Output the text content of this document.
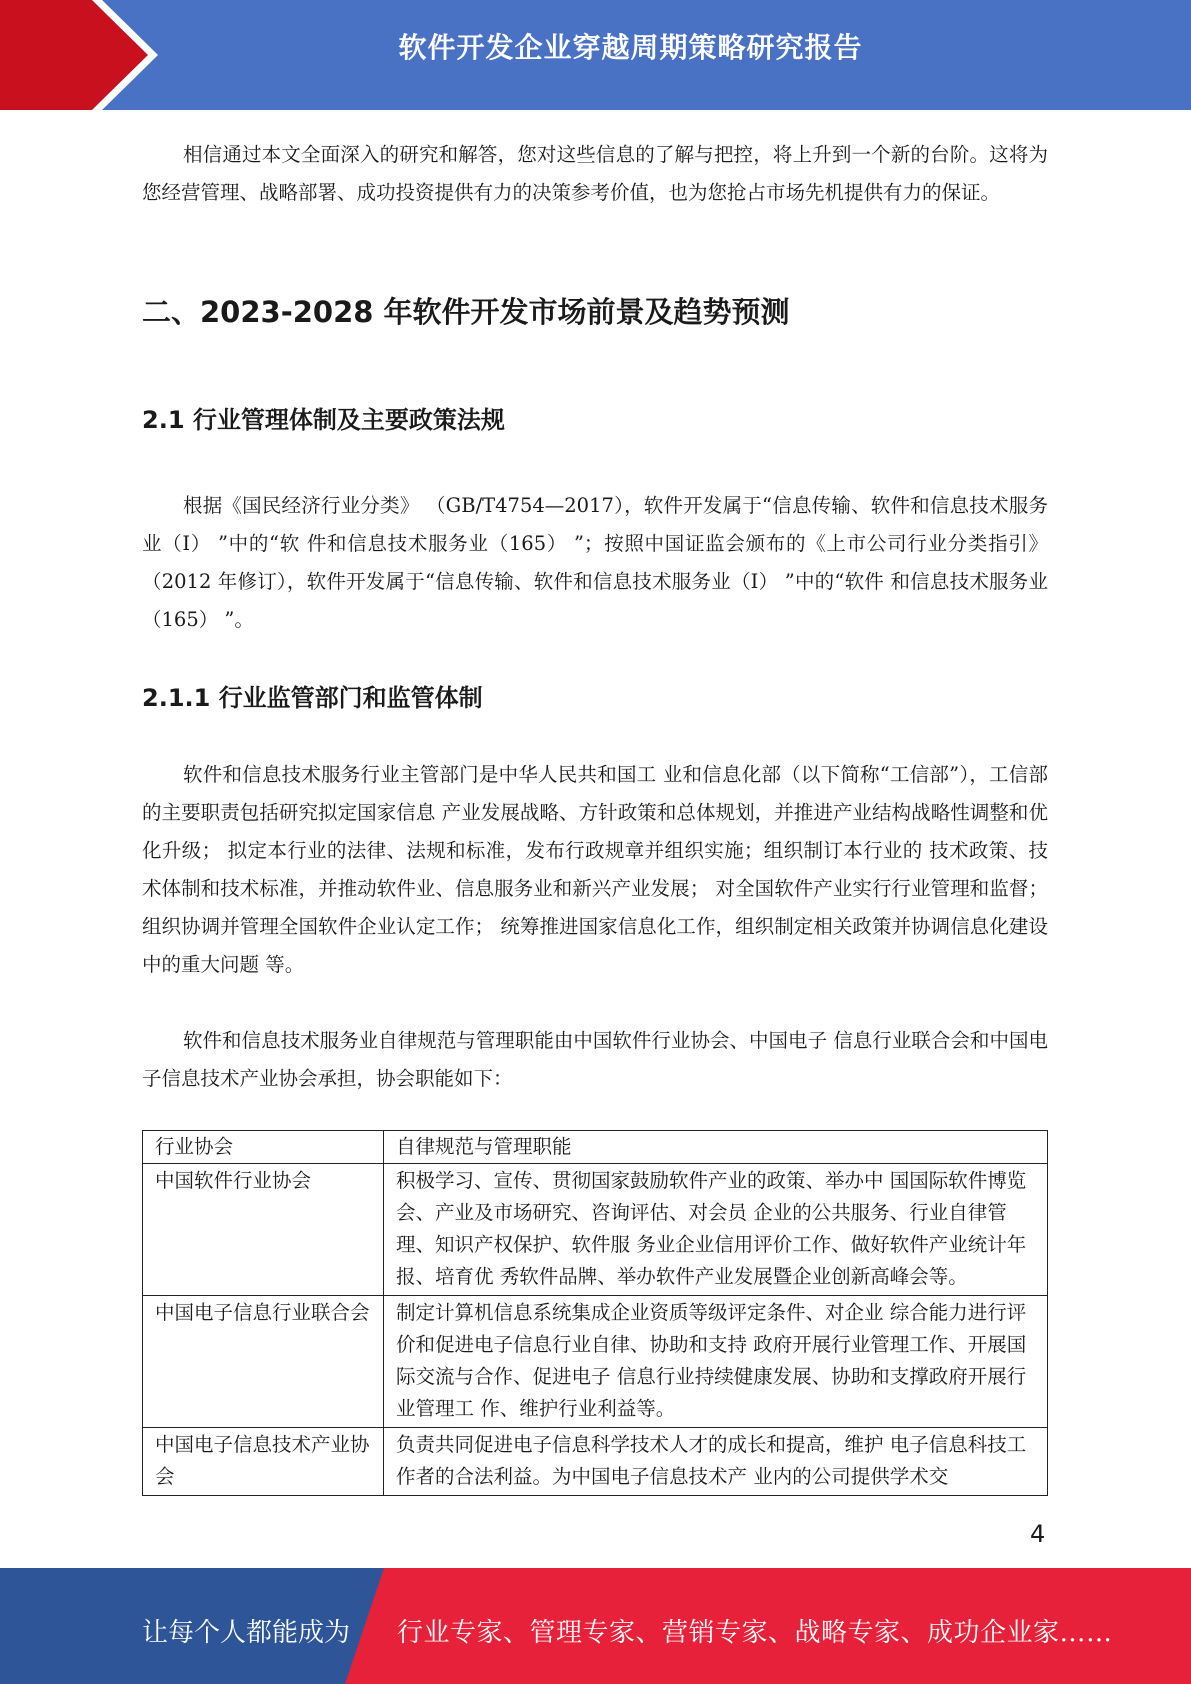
软件开发企业穿越周期策略研究报告
相信通过本文全面深入的研究和解答，您对这些信息的了解与把控，将上升到一个新的台阶。这将为您经营管理、战略部署、成功投资提供有力的决策参考价值，也为您抢占市场先机提供有力的保证。
二、2023-2028 年软件开发市场前景及趋势预测
2.1 行业管理体制及主要政策法规
根据《国民经济行业分类》 （GB/T4754—2017），软件开发属于“信息传输、软件和信息技术服务业（I） ”中的“软 件和信息技术服务业（165） ”；按照中国证监会颁布的《上市公司行业分类指引》 （2012 年修订），软件开发属于“信息传输、软件和信息技术服务业（I） ”中的“软件 和信息技术服务业（165） ”。
2.1.1 行业监管部门和监管体制
软件和信息技术服务行业主管部门是中华人民共和国工 业和信息化部（以下简称“工信部”），工信部的主要职责包括研究拟定国家信息 产业发展战略、方针政策和总体规划，并推进产业结构战略性调整和优化升级； 拟定本行业的法律、法规和标准，发布行政规章并组织实施；组织制订本行业的 技术政策、技术体制和技术标准，并推动软件业、信息服务业和新兴产业发展； 对全国软件产业实行行业管理和监督；组织协调并管理全国软件企业认定工作； 统筹推进国家信息化工作，组织制定相关政策并协调信息化建设中的重大问题 等。
软件和信息技术服务业自律规范与管理职能由中国软件行业协会、中国电子 信息行业联合会和中国电子信息技术产业协会承担，协会职能如下：
行业协会	自律规范与管理职能
中国软件行业协会	积极学习、宣传、贯彻国家鼓励软件产业的政策、举办中 国国际软件博览会、产业及市场研究、咨询评估、对会员 企业的公共服务、行业自律管理、知识产权保护、软件服 务业企业信用评价工作、做好软件产业统计年报、培育优 秀软件品牌、举办软件产业发展暨企业创新高峰会等。
中国电子信息行业联合会	制定计算机信息系统集成企业资质等级评定条件、对企业 综合能力进行评价和促进电子信息行业自律、协助和支持 政府开展行业管理工作、开展国际交流与合作、促进电子 信息行业持续健康发展、协助和支撑政府开展行业管理工 作、维护行业利益等。
中国电子信息技术产业协会	负责共同促进电子信息科学技术人才的成长和提高，维护 电子信息科技工作者的合法利益。为中国电子信息技术产 业内的公司提供学术交
4
让每个人都能成为 行业专家、管理专家、营销专家、战略专家、成功企业家……
